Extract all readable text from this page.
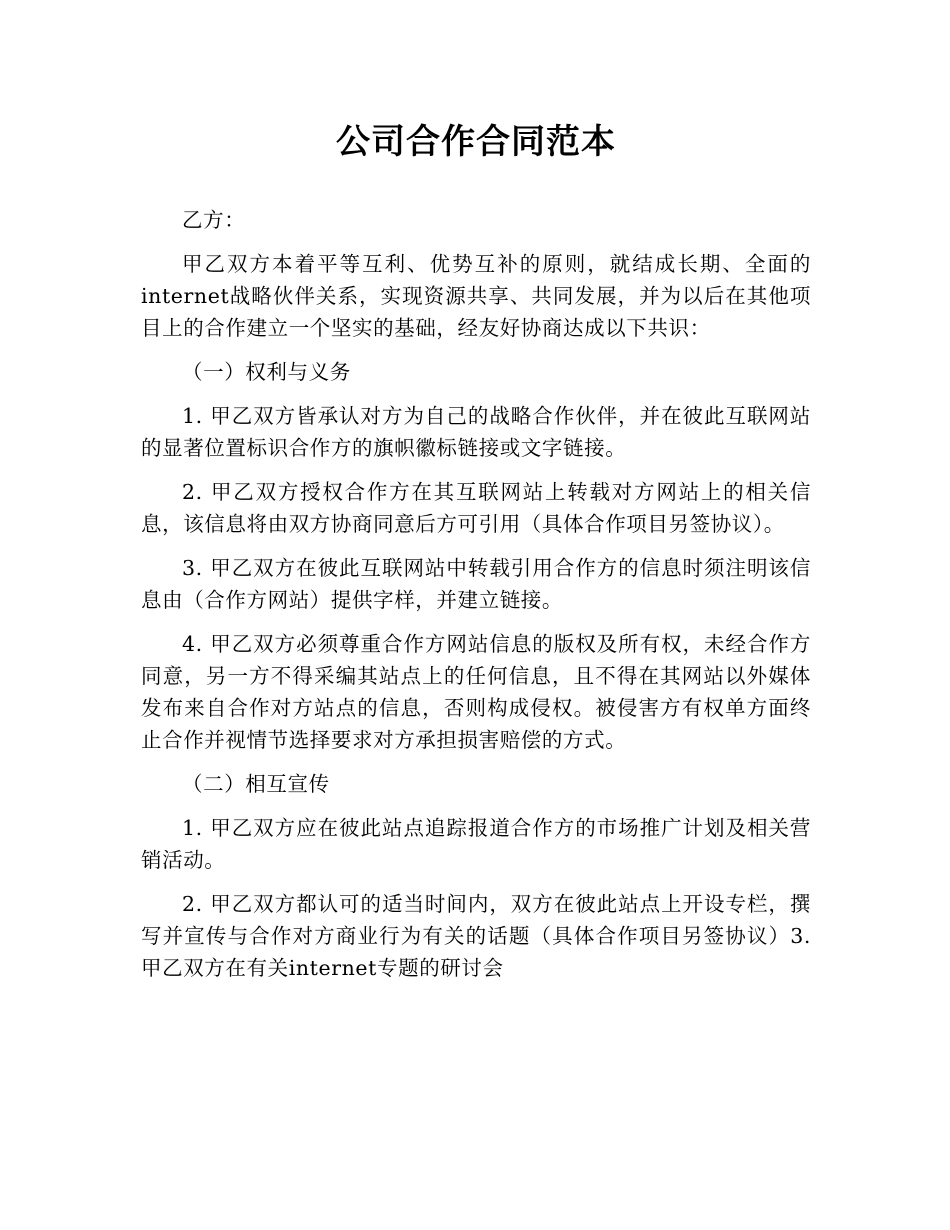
公司合作合同范本

乙方：

甲乙双方本着平等互利、优势互补的原则，就结成长期、全面的internet战略伙伴关系，实现资源共享、共同发展，并为以后在其他项目上的合作建立一个坚实的基础，经友好协商达成以下共识：

（一）权利与义务

1. 甲乙双方皆承认对方为自己的战略合作伙伴，并在彼此互联网站的显著位置标识合作方的旗帜徽标链接或文字链接。

2. 甲乙双方授权合作方在其互联网站上转载对方网站上的相关信息，该信息将由双方协商同意后方可引用（具体合作项目另签协议）。

3. 甲乙双方在彼此互联网站中转载引用合作方的信息时须注明该信息由（合作方网站）提供字样，并建立链接。

4. 甲乙双方必须尊重合作方网站信息的版权及所有权，未经合作方同意，另一方不得采编其站点上的任何信息，且不得在其网站以外媒体发布来自合作对方站点的信息，否则构成侵权。被侵害方有权单方面终止合作并视情节选择要求对方承担损害赔偿的方式。

（二）相互宣传

1. 甲乙双方应在彼此站点追踪报道合作方的市场推广计划及相关营销活动。

2. 甲乙双方都认可的适当时间内，双方在彼此站点上开设专栏，撰写并宣传与合作对方商业行为有关的话题（具体合作项目另签协议）3. 甲乙双方在有关internet专题的研讨会
